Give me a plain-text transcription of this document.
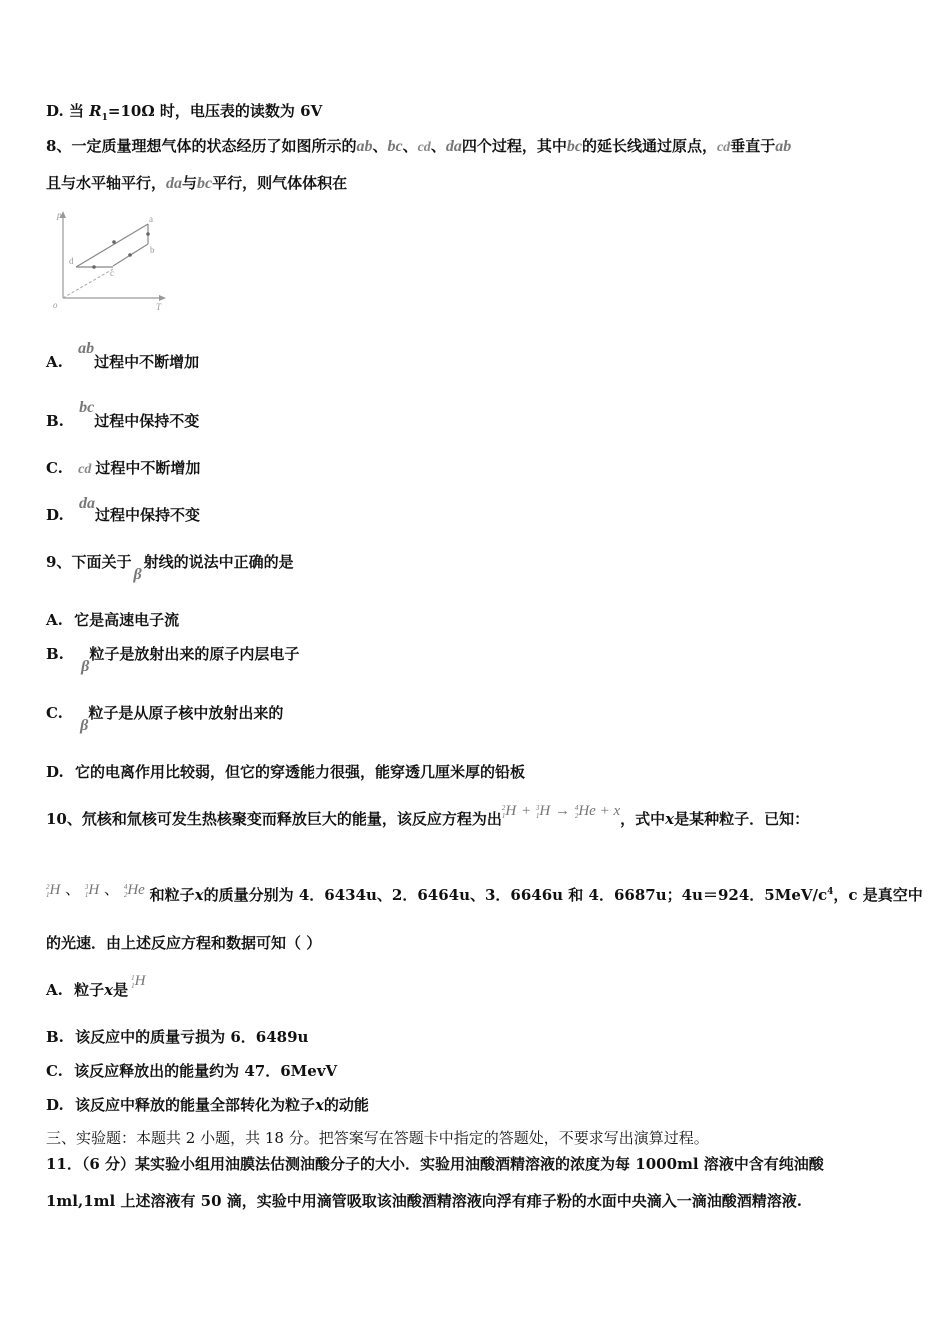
D. 当 $R_1=10\Omega$ 时，电压表的读数为 6V
8、一定质量理想气体的状态经历了如图所示的ab、bc、cd、da四个过程，其中bc的延长线通过原点，cd垂直于ab
且与水平轴平行，da与bc平行，则气体体积在
p
T
o
a
b
c
d
A. ab过程中不断增加
B. bc过程中保持不变
C. cd 过程中不断增加
D. da过程中保持不变
9、下面关于β射线的说法中正确的是
A. 它是高速电子流
B. β粒子是放射出来的原子内层电子
C. β粒子是从原子核中放射出来的
D. 它的电离作用比较弱，但它的穿透能力很强，能穿透几厘米厚的铅板
10、氘核和氚核可发生热核聚变而释放巨大的能量，该反应方程为出
2
1 H + 3
1 H → 4
2 He + x，式中x是某种粒子．已知：
2
1 H 、 3
1 H 、 4
2 He 和粒子x的质量分别为 4．6434u、2．6464u、3．6646u 和 4．6687u；4u＝924．$5MeV/c^4$，c 是真空中
的光速．由上述反应方程和数据可知（ ）
A. 粒子x是
1
1 H
B. 该反应中的质量亏损为 6．6489u
C. 该反应释放出的能量约为 47．6MevV
D. 该反应中释放的能量全部转化为粒子x的动能
三、实验题：本题共 2 小题，共 18 分。把答案写在答题卡中指定的答题处，不要求写出演算过程。
11．（6 分）某实验小组用油膜法估测油酸分子的大小．实验用油酸酒精溶液的浓度为每 1000ml 溶液中含有纯油酸
1ml,1ml 上述溶液有 50 滴，实验中用滴管吸取该油酸酒精溶液向浮有痱子粉的水面中央滴入一滴油酸酒精溶液.
